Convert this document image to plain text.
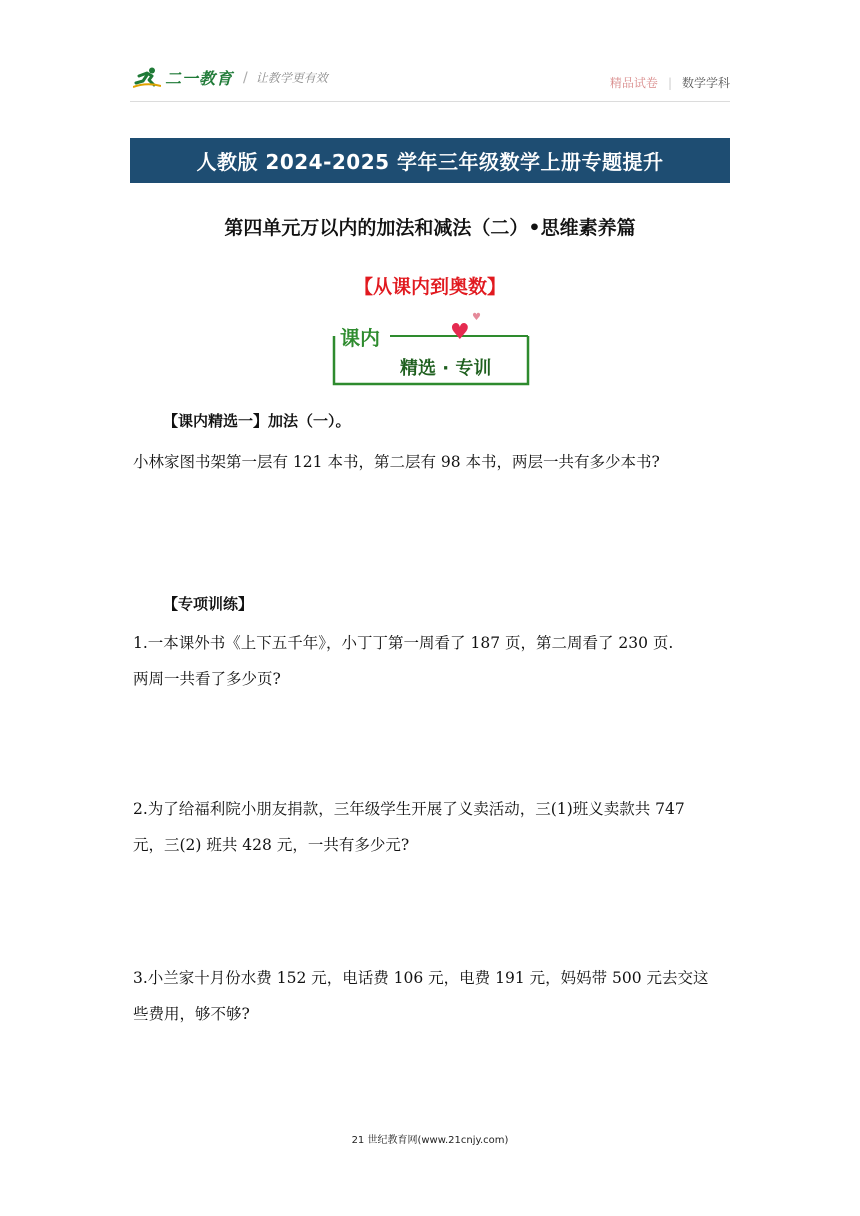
二一教育 / 让教学更有效	精品试卷 | 数学学科
人教版 2024-2025 学年三年级数学上册专题提升
第四单元万以内的加法和减法（二）•思维素养篇
【从课内到奥数】
课内	♥
♥
精选 · 专训
【课内精选一】加法（一）。
小林家图书架第一层有 121 本书，第二层有 98 本书，两层一共有多少本书?
【专项训练】
1.一本课外书《上下五千年》，小丁丁第一周看了 187 页，第二周看了 230 页.
两周一共看了多少页?
2.为了给福利院小朋友捐款，三年级学生开展了义卖活动，三(1)班义卖款共 747
元，三(2) 班共 428 元，一共有多少元?
3.小兰家十月份水费 152 元，电话费 106 元，电费 191 元，妈妈带 500 元去交这
些费用，够不够?
21 世纪教育网(www.21cnjy.com)
